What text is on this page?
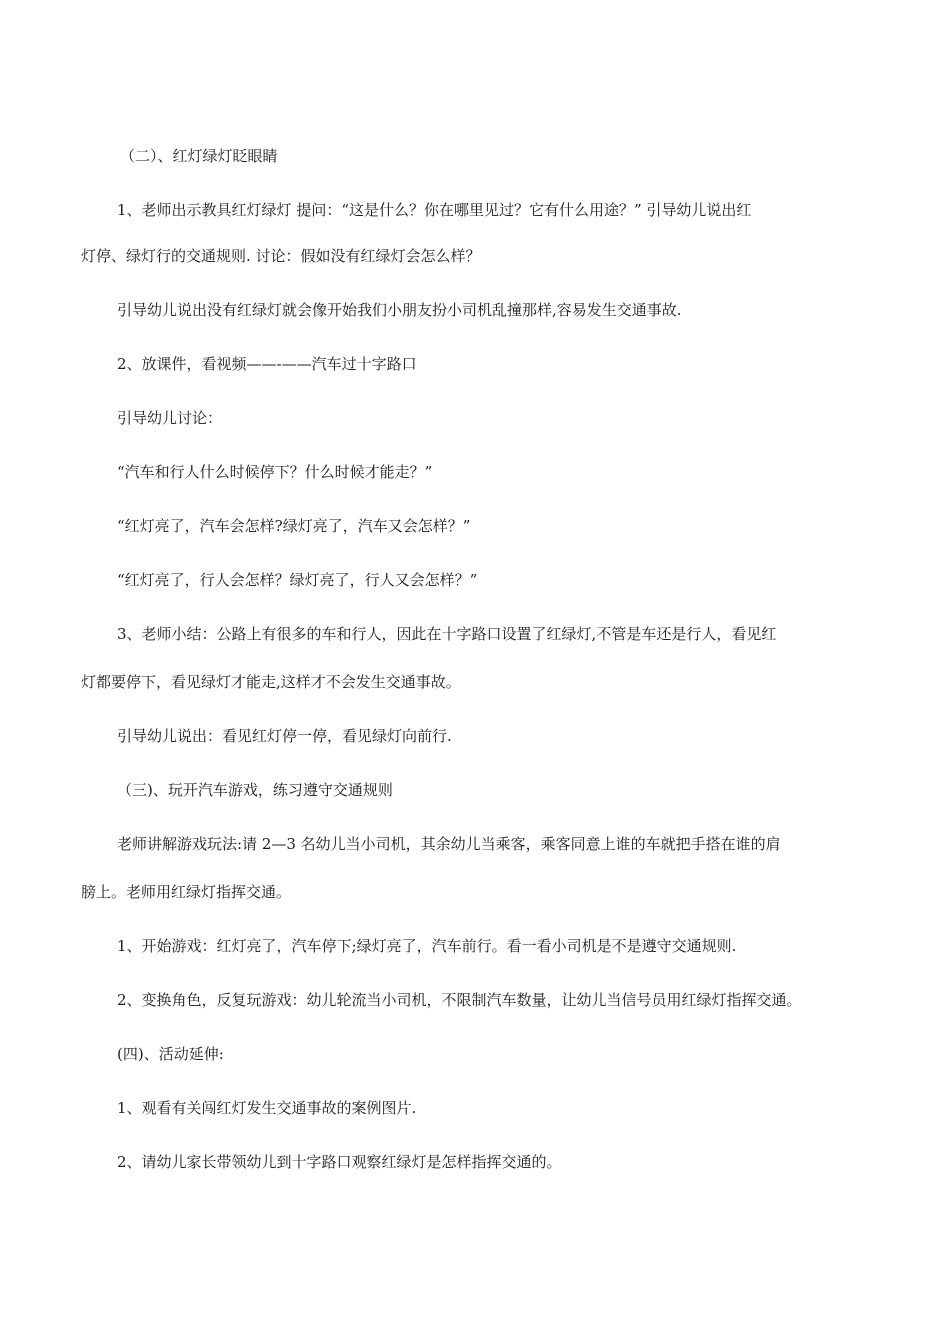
（二）、红灯绿灯眨眼睛
1、老师出示教具红灯绿灯 提问：“这是什么？你在哪里见过？它有什么用途？” 引导幼儿说出红
灯停、绿灯行的交通规则. 讨论：假如没有红绿灯会怎么样？
引导幼儿说出没有红绿灯就会像开始我们小朋友扮小司机乱撞那样,容易发生交通事故.
2、放课件，看视频——-——汽车过十字路口
引导幼儿讨论：
“汽车和行人什么时候停下？什么时候才能走？”
“红灯亮了，汽车会怎样?绿灯亮了，汽车又会怎样？”
“红灯亮了，行人会怎样？绿灯亮了，行人又会怎样？”
3、老师小结：公路上有很多的车和行人，因此在十字路口设置了红绿灯,不管是车还是行人，看见红
灯都要停下，看见绿灯才能走,这样才不会发生交通事故。
引导幼儿说出：看见红灯停一停，看见绿灯向前行.
（三)、玩开汽车游戏，练习遵守交通规则
老师讲解游戏玩法:请 2—3 名幼儿当小司机，其余幼儿当乘客，乘客同意上谁的车就把手搭在谁的肩
膀上。老师用红绿灯指挥交通。
1、开始游戏：红灯亮了，汽车停下;绿灯亮了，汽车前行。看一看小司机是不是遵守交通规则.
2、变换角色，反复玩游戏：幼儿轮流当小司机，不限制汽车数量，让幼儿当信号员用红绿灯指挥交通。
(四)、活动延伸:
1、观看有关闯红灯发生交通事故的案例图片.
2、请幼儿家长带领幼儿到十字路口观察红绿灯是怎样指挥交通的。
